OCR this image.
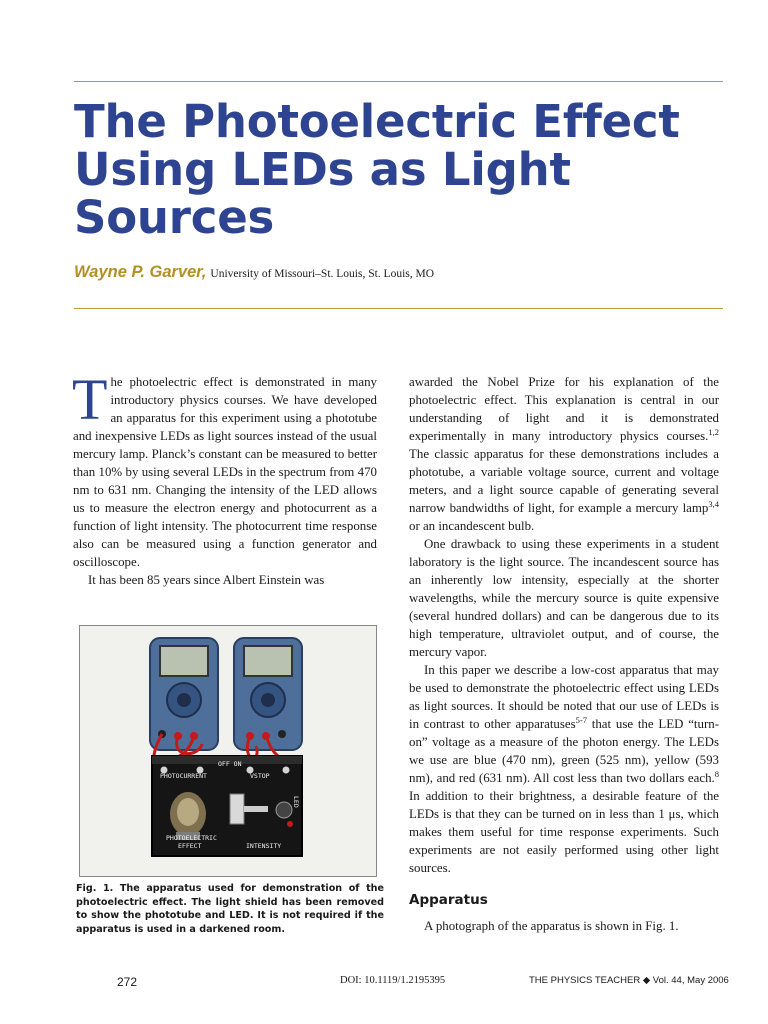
The Photoelectric Effect
Using LEDs as Light
Sources
Wayne P. Garver, University of Missouri–St. Louis, St. Louis, MO

The photoelectric effect is demonstrated in many introductory physics courses. We have developed an apparatus for this experiment using a phototube and inexpensive LEDs as light sources instead of the usual mercury lamp. Planck’s constant can be measured to better than 10% by using several LEDs in the spectrum from 470 nm to 631 nm. Changing the intensity of the LED allows us to measure the electron energy and photocurrent as a function of light intensity. The photocurrent time response also can be measured using a function generator and oscilloscope.

It has been 85 years since Albert Einstein was

OFF ON
PHOTOCURRENT	VSTOP
PHOTOELECTRIC
EFFECT	INTENSITY
LED
Fig. 1. The apparatus used for demonstration of the photoelectric effect. The light shield has been removed to show the phototube and LED. It is not required if the apparatus is used in a darkened room.

awarded the Nobel Prize for his explanation of the photoelectric effect. This explanation is central in our understanding of light and it is demonstrated experimentally in many introductory physics courses.$^{1,2}$ The classic apparatus for these demonstrations includes a phototube, a variable voltage source, current and voltage meters, and a light source capable of generating several narrow bandwidths of light, for example a mercury lamp$^{3,4}$ or an incandescent bulb.

One drawback to using these experiments in a student laboratory is the light source. The incandescent source has an inherently low intensity, especially at the shorter wavelengths, while the mercury source is quite expensive (several hundred dollars) and can be dangerous due to its high temperature, ultraviolet output, and of course, the mercury vapor.

In this paper we describe a low-cost apparatus that may be used to demonstrate the photoelectric effect using LEDs as light sources. It should be noted that our use of LEDs is in contrast to other apparatuses$^{5-7}$ that use the LED “turn-on” voltage as a measure of the photon energy. The LEDs we use are blue (470 nm), green (525 nm), yellow (593 nm), and red (631 nm). All cost less than two dollars each.$^8$ In addition to their brightness, a desirable feature of the LEDs is that they can be turned on in less than 1 μs, which makes them useful for time response experiments. Such experiments are not easily performed using other light sources.

Apparatus

A photograph of the apparatus is shown in Fig. 1.

272	DOI: 10.1119/1.2195395	THE PHYSICS TEACHER ◆ Vol. 44, May 2006
